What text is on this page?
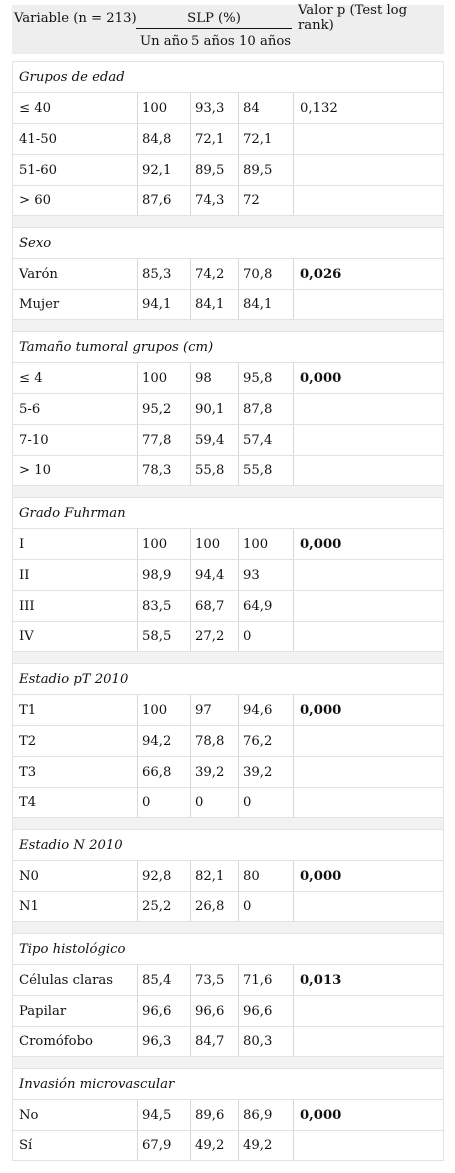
Variable (n = 213)	SLP (%)	Valor p (Test log rank)
Un año 5 años 10 años
Grupos de edad
≤ 40	100	93,3	84	0,132
41-50	84,8	72,1	72,1
51-60	92,1	89,5	89,5
> 60	87,6	74,3	72
Sexo
Varón	85,3	74,2	70,8	0,026
Mujer	94,1	84,1	84,1
Tamaño tumoral grupos (cm)
≤ 4	100	98	95,8	0,000
5-6	95,2	90,1	87,8
7-10	77,8	59,4	57,4
> 10	78,3	55,8	55,8
Grado Fuhrman
I	100	100	100	0,000
II	98,9	94,4	93
III	83,5	68,7	64,9
IV	58,5	27,2	0
Estadio pT 2010
T1	100	97	94,6	0,000
T2	94,2	78,8	76,2
T3	66,8	39,2	39,2
T4	0	0	0
Estadio N 2010
N0	92,8	82,1	80	0,000
N1	25,2	26,8	0
Tipo histológico
Células claras	85,4	73,5	71,6	0,013
Papilar	96,6	96,6	96,6
Cromófobo	96,3	84,7	80,3
Invasión microvascular
No	94,5	89,6	86,9	0,000
Sí	67,9	49,2	49,2
